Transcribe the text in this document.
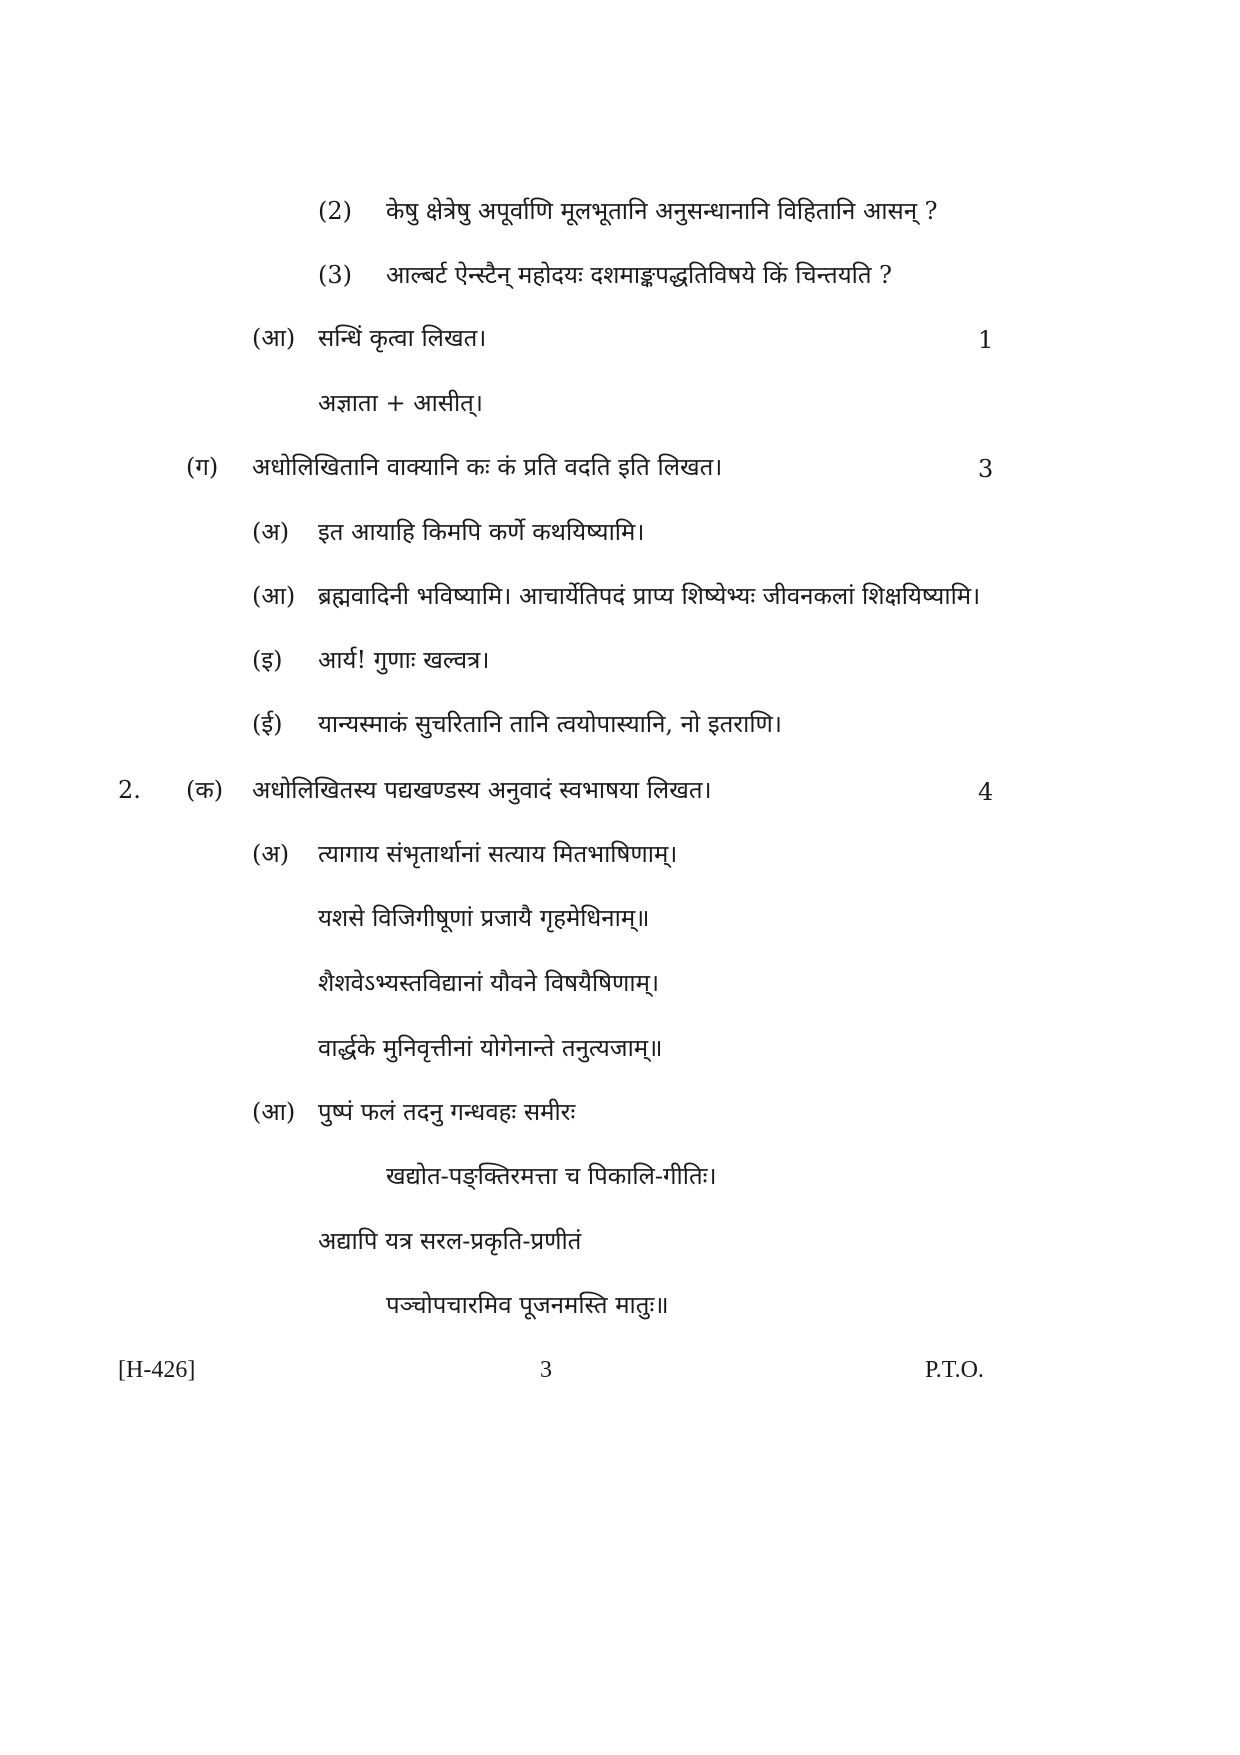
(2) केषु क्षेत्रेषु अपूर्वाणि मूलभूतानि अनुसन्धानानि विहितानि आसन् ?
(3) आल्बर्ट ऐन्स्टैन् महोदयः दशमाङ्कपद्धतिविषये किं चिन्तयति ?
(आ) सन्धिं कृत्वा लिखत।	1
अज्ञाता + आसीत्।
(ग) अधोलिखितानि वाक्यानि कः कं प्रति वदति इति लिखत।	3
(अ) इत आयाहि किमपि कर्णे कथयिष्यामि।
(आ) ब्रह्मवादिनी भविष्यामि। आचार्येतिपदं प्राप्य शिष्येभ्यः जीवनकलां शिक्षयिष्यामि।
(इ) आर्य! गुणाः खल्वत्र।
(ई) यान्यस्माकं सुचरितानि तानि त्वयोपास्यानि, नो इतराणि।
2. (क) अधोलिखितस्य पद्यखण्डस्य अनुवादं स्वभाषया लिखत।	4
(अ) त्यागाय संभृतार्थानां सत्याय मितभाषिणाम्।
यशसे विजिगीषूणां प्रजायै गृहमेधिनाम्॥
शैशवेऽभ्यस्तविद्यानां यौवने विषयैषिणाम्।
वार्द्धके मुनिवृत्तीनां योगेनान्ते तनुत्यजाम्॥
(आ) पुष्पं फलं तदनु गन्धवहः समीरः
खद्योत-पङ्क्तिरमत्ता च पिकालि-गीतिः।
अद्यापि यत्र सरल-प्रकृति-प्रणीतं
पञ्चोपचारमिव पूजनमस्ति मातुः॥
[H-426]	3	P.T.O.
